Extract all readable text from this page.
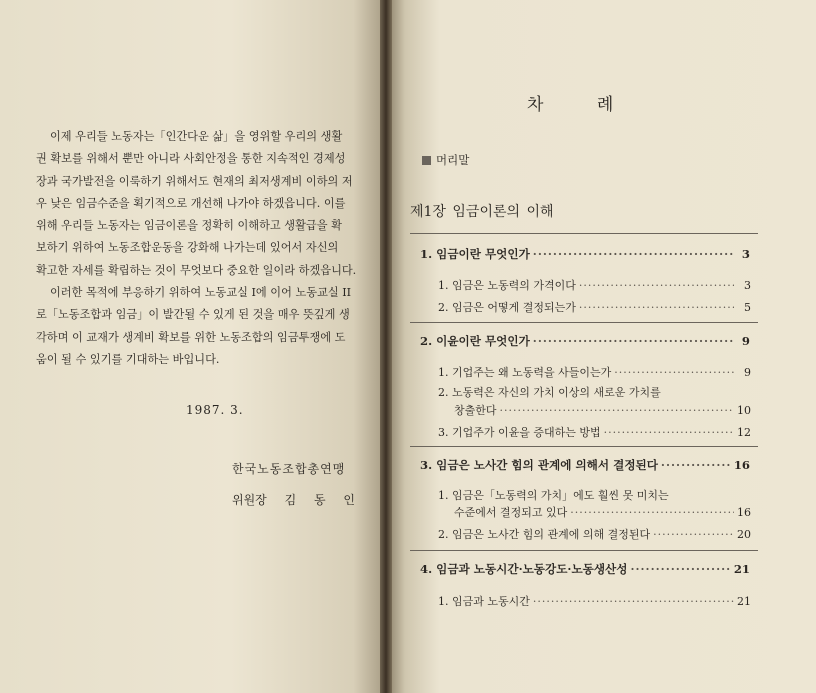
이제 우리들 노동자는「인간다운 삶」을 영위할 우리의 생활
권 확보를 위해서 뿐만 아니라 사회안정을 통한 지속적인 경제성
장과 국가발전을 이룩하기 위해서도 현재의 최저생계비 이하의 저
우 낮은 임금수준을 획기적으로 개선해 나가야 하겠읍니다. 이를
위해 우리들 노동자는 임금이론을 정확히 이해하고 생활급을 확
보하기 위하여 노동조합운동을 강화해 나가는데 있어서 자신의
확고한 자세를 확립하는 것이 무엇보다 중요한 일이라 하겠읍니다.
이러한 목적에 부응하기 위하여 노동교실 I에 이어 노동교실 II
로「노동조합과 임금」이 발간될 수 있게 된 것을 매우 뜻깊게 생
각하며 이 교재가 생계비 확보를 위한 노동조합의 임금투쟁에 도
움이 될 수 있기를 기대하는 바입니다.
1987. 3.
한국노동조합총연맹
위원장 김 동 인
차 례
머리말
제1장 임금이론의 이해
1. 임금이란 무엇인가 ·····	3
1. 임금은 노동력의 가격이다 ·····	3
2. 임금은 어떻게 결정되는가 ·····	5
2. 이윤이란 무엇인가 ·····	9
1. 기업주는 왜 노동력을 사들이는가 ·····	9
2. 노동력은 자신의 가치 이상의 새로운 가치를
창출한다 ·····	10
3. 기업주가 이윤을 증대하는 방법 ·····	12
3. 임금은 노사간 힘의 관계에 의해서 결정된다 ·····	16
1. 임금은「노동력의 가치」에도 훨씬 못 미치는
수준에서 결정되고 있다 ·····	16
2. 임금은 노사간 힘의 관계에 의해 결정된다 ·····	20
4. 임금과 노동시간·노동강도·노동생산성 ·····	21
1. 임금과 노동시간 ·····	21
